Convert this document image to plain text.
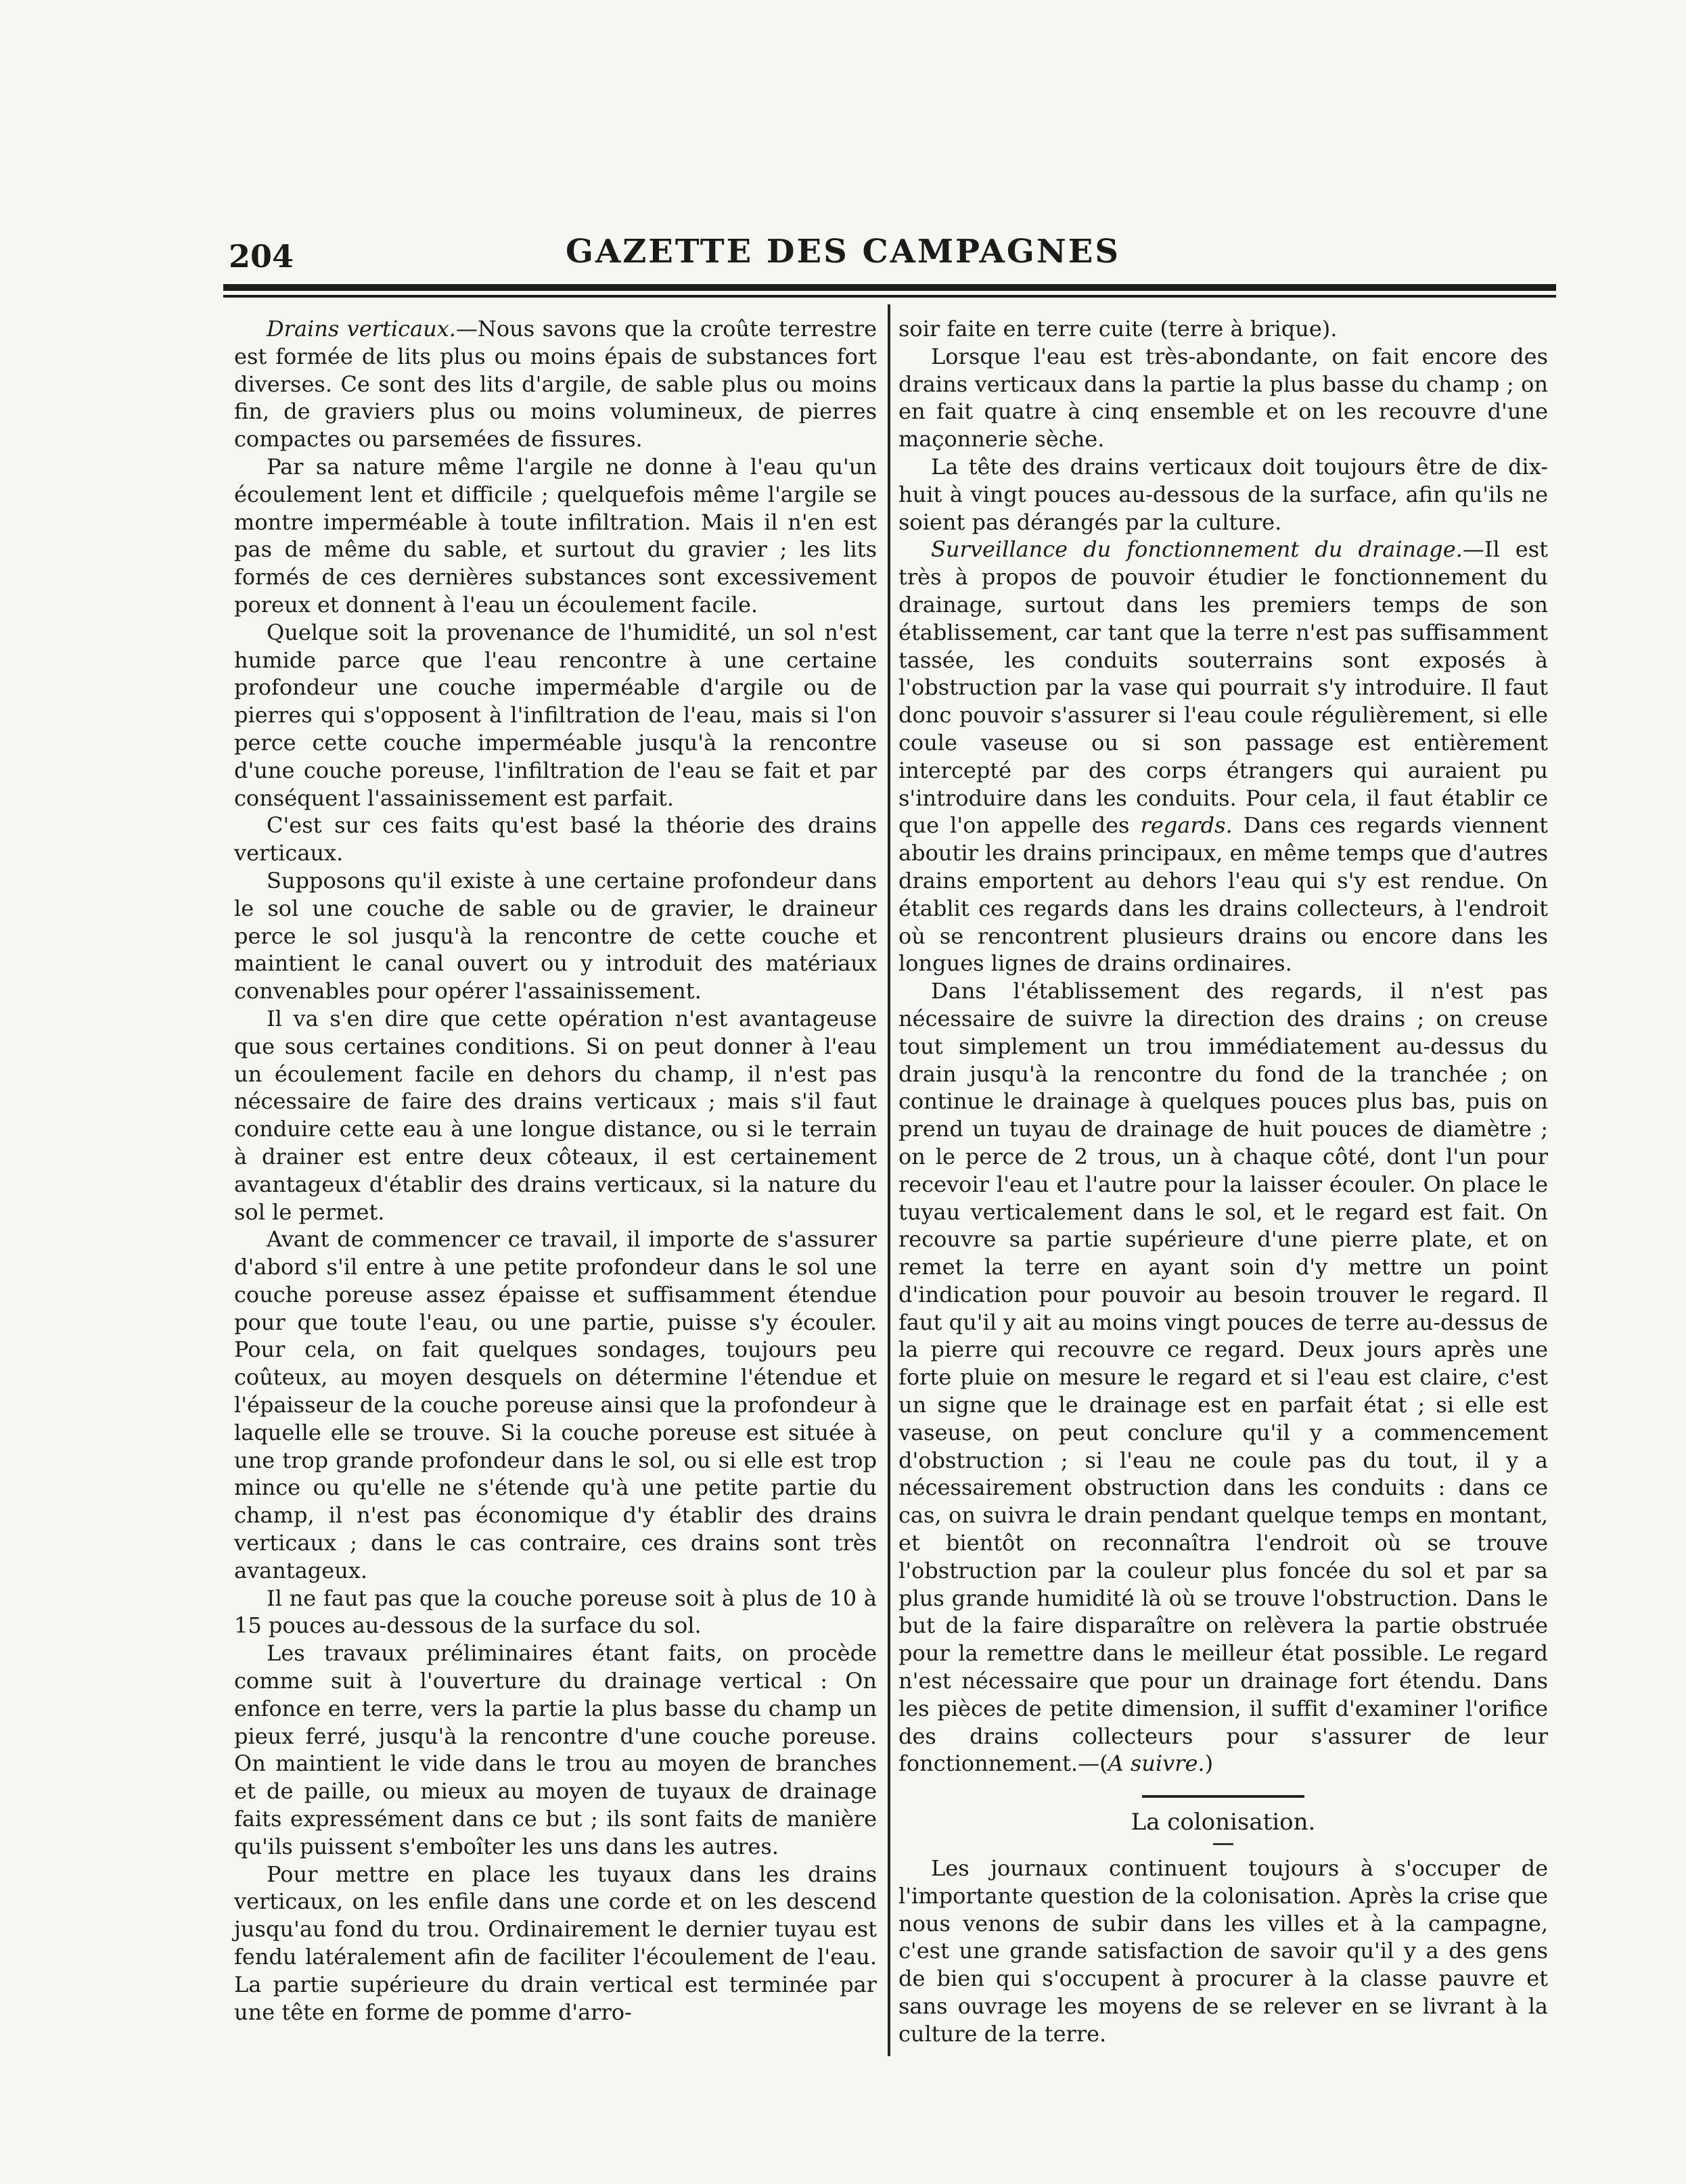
204	GAZETTE DES CAMPAGNES

Drains verticaux.—Nous savons que la croûte terrestre est formée de lits plus ou moins épais de substances fort diverses. Ce sont des lits d'argile, de sable plus ou moins fin, de graviers plus ou moins volumineux, de pierres compactes ou parsemées de fissures.

Par sa nature même l'argile ne donne à l'eau qu'un écoulement lent et difficile ; quelquefois même l'argile se montre imperméable à toute infiltration. Mais il n'en est pas de même du sable, et surtout du gravier ; les lits formés de ces dernières substances sont excessivement poreux et donnent à l'eau un écoulement facile.

Quelque soit la provenance de l'humidité, un sol n'est humide parce que l'eau rencontre à une certaine profondeur une couche imperméable d'argile ou de pierres qui s'opposent à l'infiltration de l'eau, mais si l'on perce cette couche imperméable jusqu'à la rencontre d'une couche poreuse, l'infiltration de l'eau se fait et par conséquent l'assainissement est parfait.

C'est sur ces faits qu'est basé la théorie des drains verticaux.

Supposons qu'il existe à une certaine profondeur dans le sol une couche de sable ou de gravier, le draineur perce le sol jusqu'à la rencontre de cette couche et maintient le canal ouvert ou y introduit des matériaux convenables pour opérer l'assainissement.

Il va s'en dire que cette opération n'est avantageuse que sous certaines conditions. Si on peut donner à l'eau un écoulement facile en dehors du champ, il n'est pas nécessaire de faire des drains verticaux ; mais s'il faut conduire cette eau à une longue distance, ou si le terrain à drainer est entre deux côteaux, il est certainement avantageux d'établir des drains verticaux, si la nature du sol le permet.

Avant de commencer ce travail, il importe de s'assurer d'abord s'il entre à une petite profondeur dans le sol une couche poreuse assez épaisse et suffisamment étendue pour que toute l'eau, ou une partie, puisse s'y écouler. Pour cela, on fait quelques sondages, toujours peu coûteux, au moyen desquels on détermine l'étendue et l'épaisseur de la couche poreuse ainsi que la profondeur à laquelle elle se trouve. Si la couche poreuse est située à une trop grande profondeur dans le sol, ou si elle est trop mince ou qu'elle ne s'étende qu'à une petite partie du champ, il n'est pas économique d'y établir des drains verticaux ; dans le cas contraire, ces drains sont très avantageux.

Il ne faut pas que la couche poreuse soit à plus de 10 à 15 pouces au-dessous de la surface du sol.

Les travaux préliminaires étant faits, on procède comme suit à l'ouverture du drainage vertical : On enfonce en terre, vers la partie la plus basse du champ un pieux ferré, jusqu'à la rencontre d'une couche poreuse. On maintient le vide dans le trou au moyen de branches et de paille, ou mieux au moyen de tuyaux de drainage faits expressément dans ce but ; ils sont faits de manière qu'ils puissent s'emboîter les uns dans les autres.

Pour mettre en place les tuyaux dans les drains verticaux, on les enfile dans une corde et on les descend jusqu'au fond du trou. Ordinairement le dernier tuyau est fendu latéralement afin de faciliter l'écoulement de l'eau. La partie supérieure du drain vertical est terminée par une tête en forme de pomme d'arro-

soir faite en terre cuite (terre à brique).

Lorsque l'eau est très-abondante, on fait encore des drains verticaux dans la partie la plus basse du champ ; on en fait quatre à cinq ensemble et on les recouvre d'une maçonnerie sèche.

La tête des drains verticaux doit toujours être de dix-huit à vingt pouces au-dessous de la surface, afin qu'ils ne soient pas dérangés par la culture.

Surveillance du fonctionnement du drainage.—Il est très à propos de pouvoir étudier le fonctionnement du drainage, surtout dans les premiers temps de son établissement, car tant que la terre n'est pas suffisamment tassée, les conduits souterrains sont exposés à l'obstruction par la vase qui pourrait s'y introduire. Il faut donc pouvoir s'assurer si l'eau coule régulièrement, si elle coule vaseuse ou si son passage est entièrement intercepté par des corps étrangers qui auraient pu s'introduire dans les conduits. Pour cela, il faut établir ce que l'on appelle des regards. Dans ces regards viennent aboutir les drains principaux, en même temps que d'autres drains emportent au dehors l'eau qui s'y est rendue. On établit ces regards dans les drains collecteurs, à l'endroit où se rencontrent plusieurs drains ou encore dans les longues lignes de drains ordinaires.

Dans l'établissement des regards, il n'est pas nécessaire de suivre la direction des drains ; on creuse tout simplement un trou immédiatement au-dessus du drain jusqu'à la rencontre du fond de la tranchée ; on continue le drainage à quelques pouces plus bas, puis on prend un tuyau de drainage de huit pouces de diamètre ; on le perce de 2 trous, un à chaque côté, dont l'un pour recevoir l'eau et l'autre pour la laisser écouler. On place le tuyau verticalement dans le sol, et le regard est fait. On recouvre sa partie supérieure d'une pierre plate, et on remet la terre en ayant soin d'y mettre un point d'indication pour pouvoir au besoin trouver le regard. Il faut qu'il y ait au moins vingt pouces de terre au-dessus de la pierre qui recouvre ce regard. Deux jours après une forte pluie on mesure le regard et si l'eau est claire, c'est un signe que le drainage est en parfait état ; si elle est vaseuse, on peut conclure qu'il y a commencement d'obstruction ; si l'eau ne coule pas du tout, il y a nécessairement obstruction dans les conduits : dans ce cas, on suivra le drain pendant quelque temps en montant, et bientôt on reconnaîtra l'endroit où se trouve l'obstruction par la couleur plus foncée du sol et par sa plus grande humidité là où se trouve l'obstruction. Dans le but de la faire disparaître on relèvera la partie obstruée pour la remettre dans le meilleur état possible. Le regard n'est nécessaire que pour un drainage fort étendu. Dans les pièces de petite dimension, il suffit d'examiner l'orifice des drains collecteurs pour s'assurer de leur fonctionnement.—(A suivre.)

La colonisation.

Les journaux continuent toujours à s'occuper de l'importante question de la colonisation. Après la crise que nous venons de subir dans les villes et à la campagne, c'est une grande satisfaction de savoir qu'il y a des gens de bien qui s'occupent à procurer à la classe pauvre et sans ouvrage les moyens de se relever en se livrant à la culture de la terre.
